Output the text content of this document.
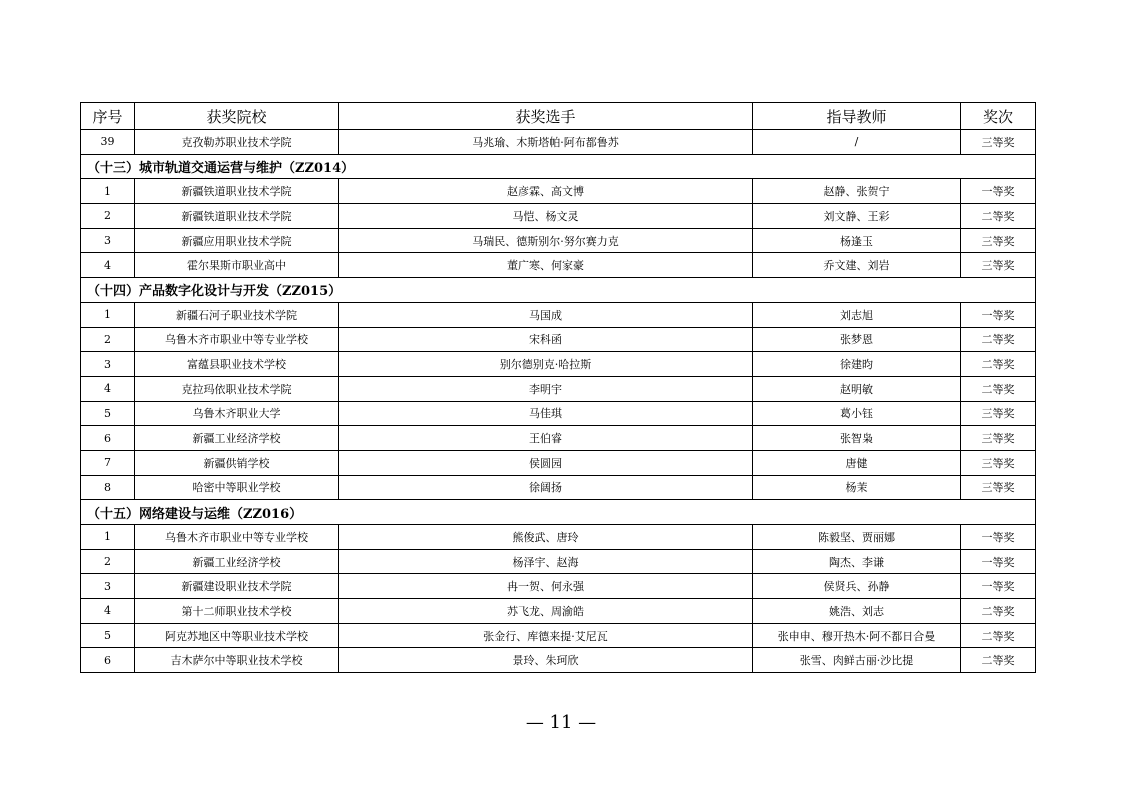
序号	获奖院校	获奖选手	指导教师	奖次
39	克孜勒苏职业技术学院	马兆瑜、木斯塔帕·阿布都鲁苏	/	三等奖
（十三）城市轨道交通运营与维护（ZZ014）				
1	新疆铁道职业技术学院	赵彦霖、高文博	赵静、张贺宁	一等奖
2	新疆铁道职业技术学院	马恺、杨文灵	刘文静、王彩	二等奖
3	新疆应用职业技术学院	马瑞民、德斯别尔·努尔赛力克	杨逢玉	三等奖
4	霍尔果斯市职业高中	董广寒、何家豪	乔文建、刘岩	三等奖
（十四）产品数字化设计与开发（ZZ015）				
1	新疆石河子职业技术学院	马国成	刘志旭	一等奖
2	乌鲁木齐市职业中等专业学校	宋科函	张梦恩	二等奖
3	富蕴县职业技术学校	别尔德别克·哈拉斯	徐建昀	二等奖
4	克拉玛依职业技术学院	李明宇	赵明敏	二等奖
5	乌鲁木齐职业大学	马佳琪	葛小钰	三等奖
6	新疆工业经济学校	王伯睿	张智枭	三等奖
7	新疆供销学校	侯圆园	唐健	三等奖
8	哈密中等职业学校	徐阔扬	杨茉	三等奖
（十五）网络建设与运维（ZZ016）				
1	乌鲁木齐市职业中等专业学校	熊俊武、唐玲	陈毅坚、贾丽娜	一等奖
2	新疆工业经济学校	杨泽宇、赵海	陶杰、李谦	一等奖
3	新疆建设职业技术学院	冉一贺、何永强	侯贤兵、孙静	一等奖
4	第十二师职业技术学校	苏飞龙、周渝皓	姚浩、刘志	二等奖
5	阿克苏地区中等职业技术学校	张金行、库德来提·艾尼瓦	张申申、穆开热木·阿不都日合曼	二等奖
6	吉木萨尔中等职业技术学校	景玲、朱珂欣	张雪、肉鲜古丽·沙比提	二等奖
— 11 —
